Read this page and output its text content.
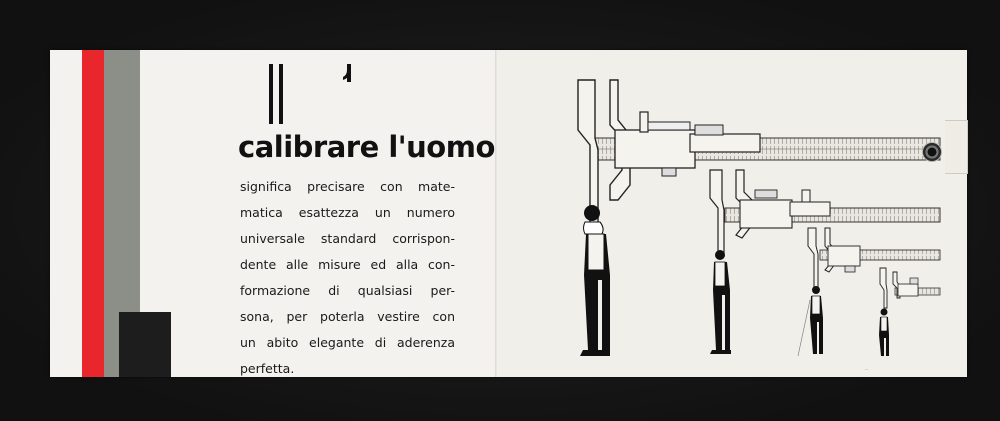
calibrare l'uomo

significa precisare con mate-
matica esattezza un numero
universale standard corrispon-
dente alle misure ed alla con-
formazione di qualsiasi per-
sona, per poterla vestire con
un abito elegante di aderenza
perfetta.	...
